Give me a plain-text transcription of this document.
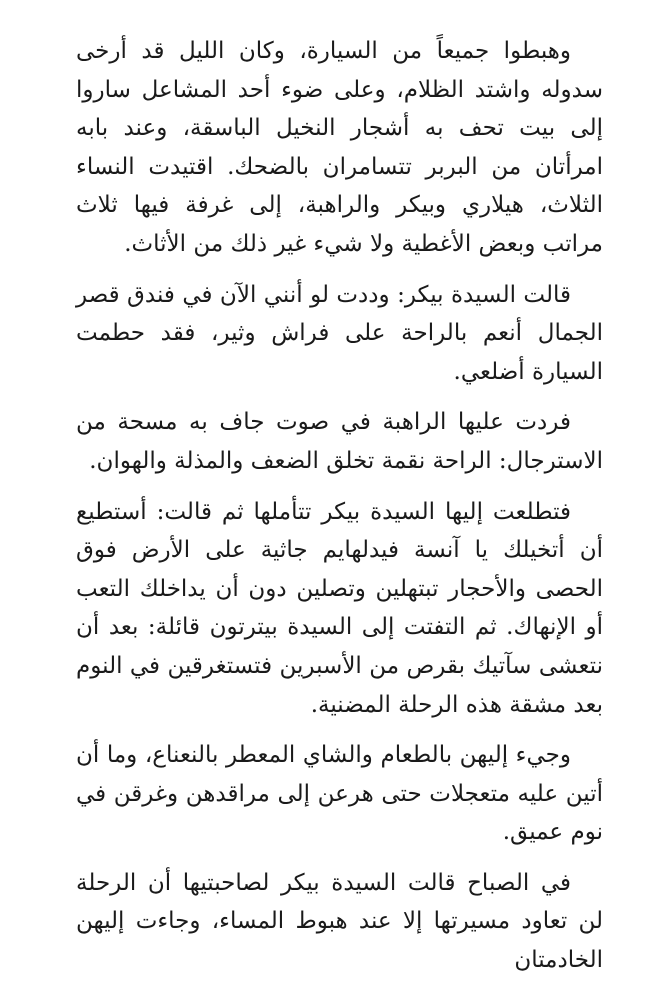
وهبطوا جميعاً من السيارة، وكان الليل قد أرخى سدوله واشتد الظلام، وعلى ضوء أحد المشاعل ساروا إلى بيت تحف به أشجار النخيل الباسقة، وعند بابه امرأتان من البربر تتسامران بالضحك. اقتيدت النساء الثلاث، هيلاري وبيكر والراهبة، إلى غرفة فيها ثلاث مراتب وبعض الأغطية ولا شيء غير ذلك من الأثاث.

قالت السيدة بيكر: وددت لو أنني الآن في فندق قصر الجمال أنعم بالراحة على فراش وثير، فقد حطمت السيارة أضلعي.

فردت عليها الراهبة في صوت جاف به مسحة من الاسترجال: الراحة نقمة تخلق الضعف والمذلة والهوان.

فتطلعت إليها السيدة بيكر تتأملها ثم قالت: أستطيع أن أتخيلك يا آنسة فيدلهايم جاثية على الأرض فوق الحصى والأحجار تبتهلين وتصلين دون أن يداخلك التعب أو الإنهاك. ثم التفتت إلى السيدة بيترتون قائلة: بعد أن نتعشى سآتيك بقرص من الأسبرين فتستغرقين في النوم بعد مشقة هذه الرحلة المضنية.

وجيء إليهن بالطعام والشاي المعطر بالنعناع، وما أن أتين عليه متعجلات حتى هرعن إلى مراقدهن وغرقن في نوم عميق.

في الصباح قالت السيدة بيكر لصاحبتيها أن الرحلة لن تعاود مسيرتها إلا عند هبوط المساء، وجاءت إليهن الخادمتان
